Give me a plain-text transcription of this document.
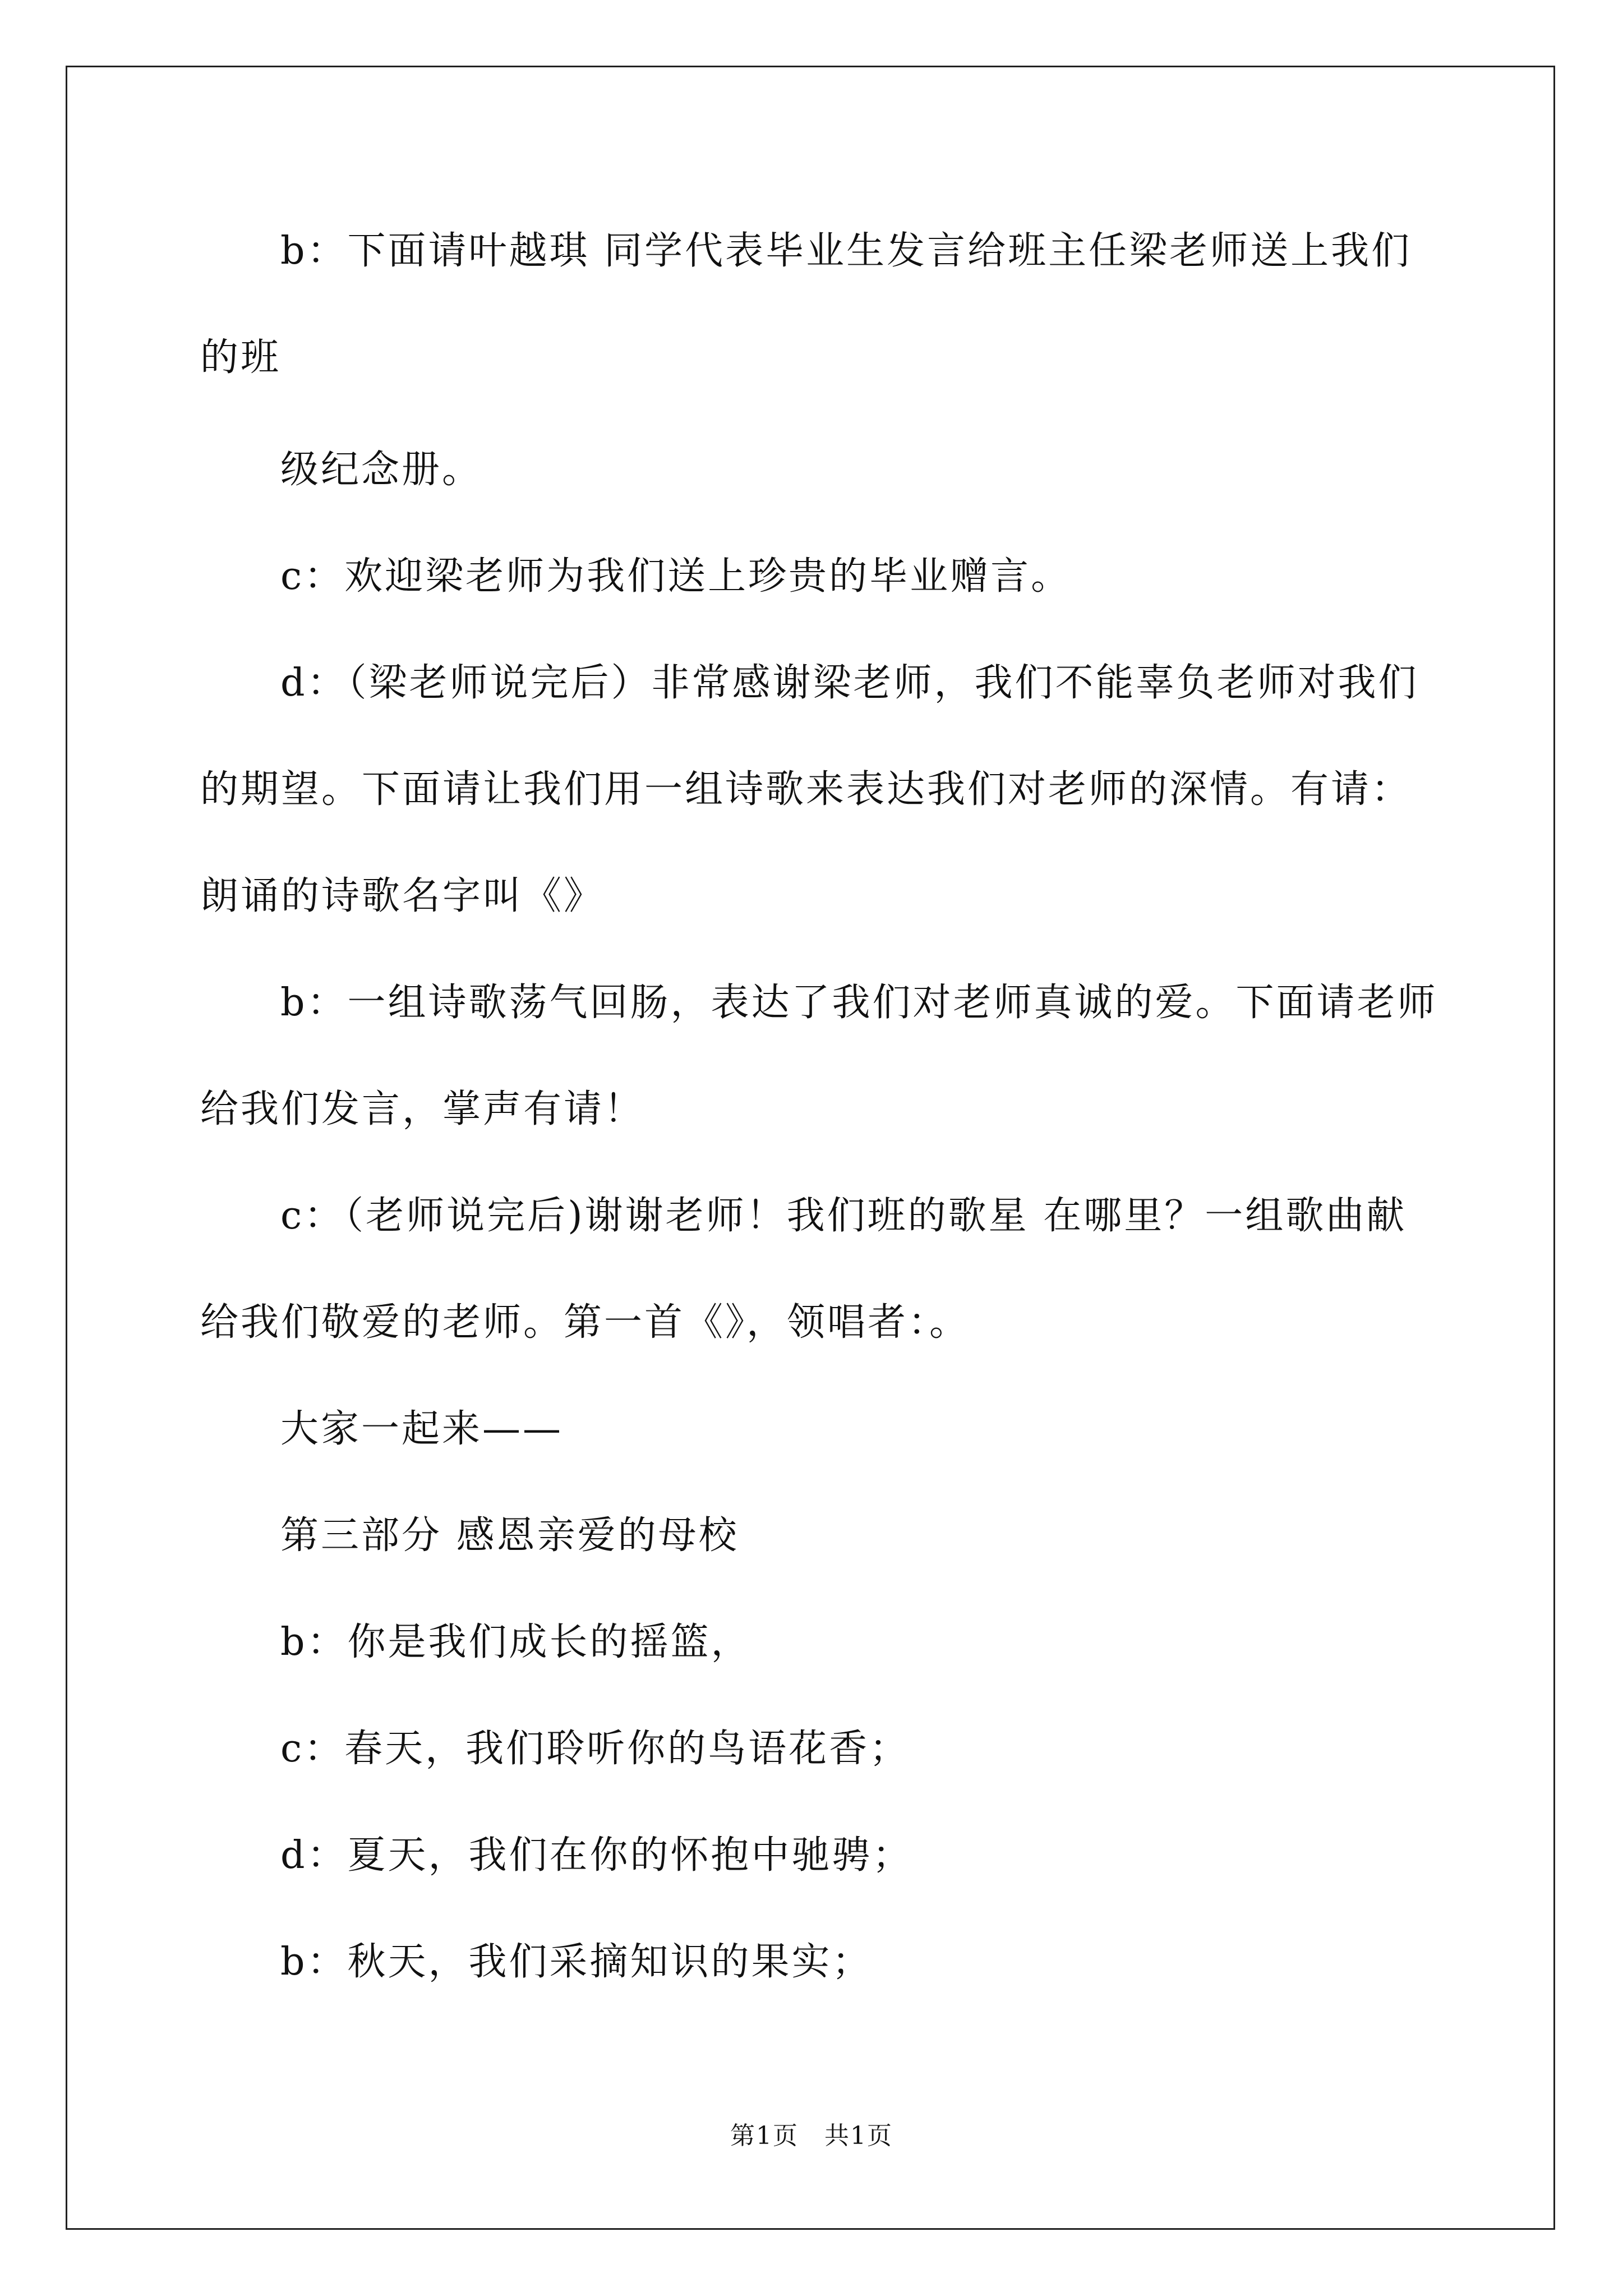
b：下面请叶越琪 同学代表毕业生发言给班主任梁老师送上我们
的班
级纪念册。
c：欢迎梁老师为我们送上珍贵的毕业赠言。
d：（梁老师说完后）非常感谢梁老师，我们不能辜负老师对我们
的期望。下面请让我们用一组诗歌来表达我们对老师的深情。有请：
朗诵的诗歌名字叫《》
b：一组诗歌荡气回肠，表达了我们对老师真诚的爱。下面请老师
给我们发言，掌声有请！
c：（老师说完后)谢谢老师！我们班的歌星 在哪里？一组歌曲献
给我们敬爱的老师。第一首《》，领唱者：。
大家一起来——
第三部分 感恩亲爱的母校
b：你是我们成长的摇篮，
c：春天，我们聆听你的鸟语花香；
d：夏天，我们在你的怀抱中驰骋；
b：秋天，我们采摘知识的果实；
第1页　共1页
